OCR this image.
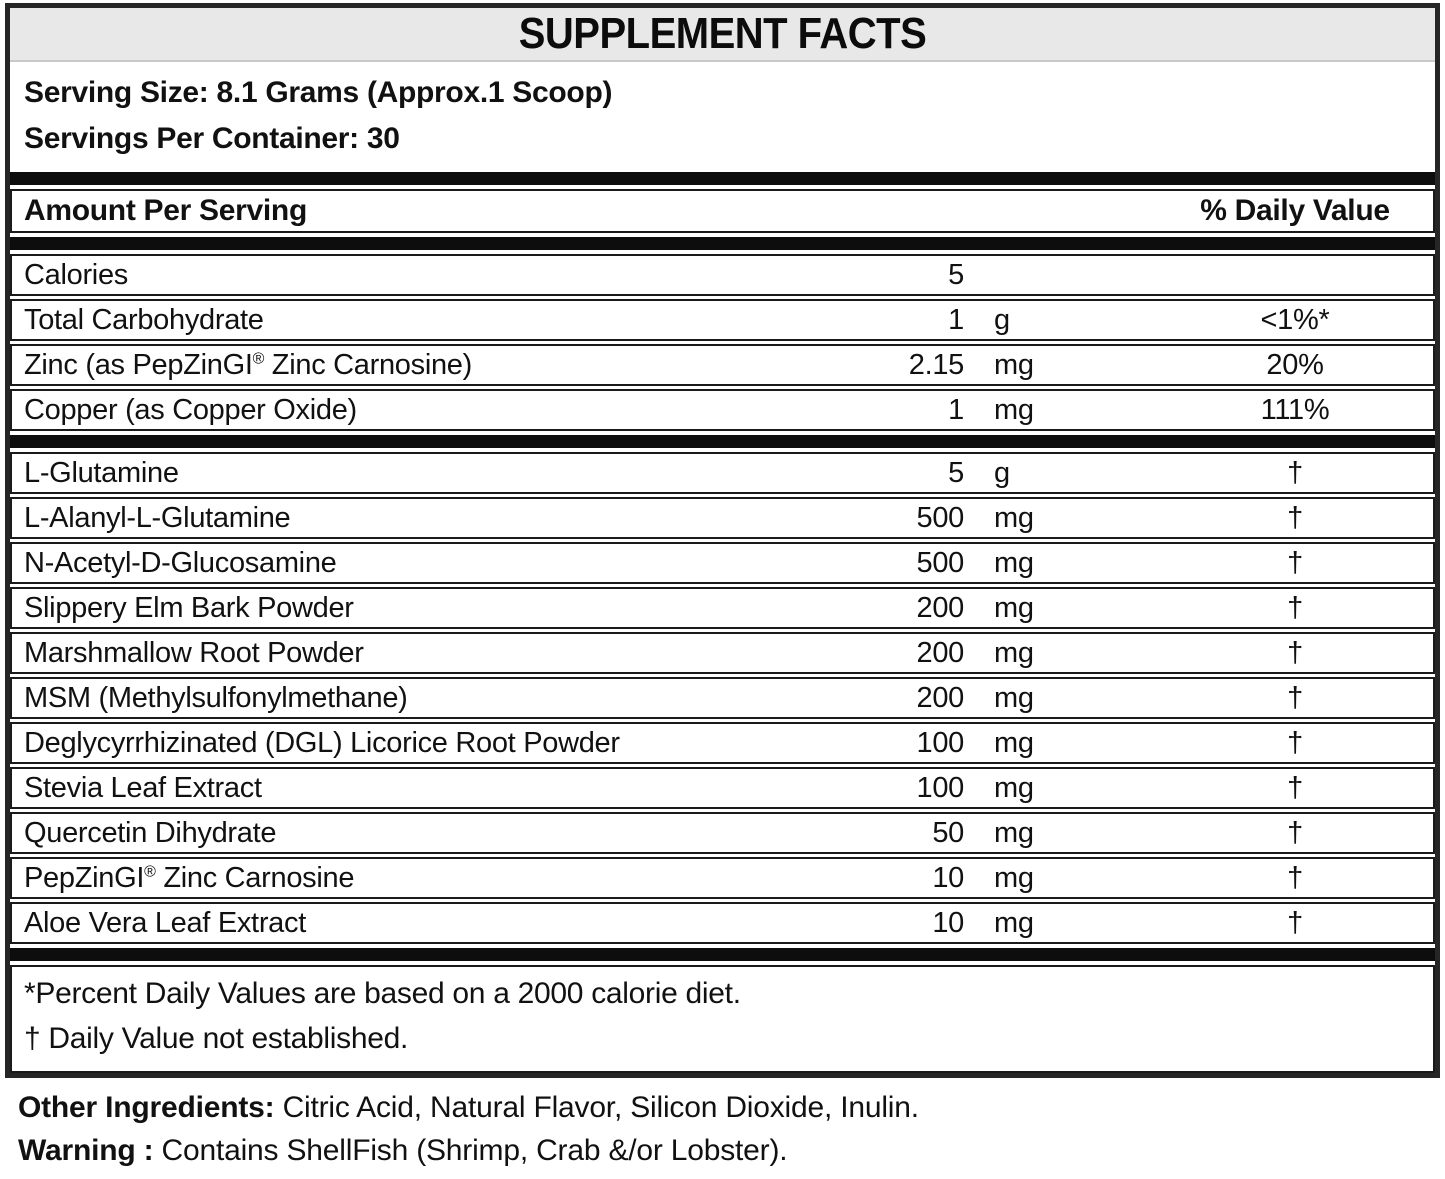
SUPPLEMENT FACTS
Serving Size: 8.1 Grams (Approx.1 Scoop)
Servings Per Container: 30
Amount Per Serving	% Daily Value
Calories	5
Total Carbohydrate	1	g	<1%*
Zinc (as PepZinGI® Zinc Carnosine)	2.15	mg	20%
Copper (as Copper Oxide)	1	mg	111%
L-Glutamine	5	g	†
L-Alanyl-L-Glutamine	500	mg	†
N-Acetyl-D-Glucosamine	500	mg	†
Slippery Elm Bark Powder	200	mg	†
Marshmallow Root Powder	200	mg	†
MSM (Methylsulfonylmethane)	200	mg	†
Deglycyrrhizinated (DGL) Licorice Root Powder	100	mg	†
Stevia Leaf Extract	100	mg	†
Quercetin Dihydrate	50	mg	†
PepZinGI® Zinc Carnosine	10	mg	†
Aloe Vera Leaf Extract	10	mg	†
*Percent Daily Values are based on a 2000 calorie diet.
† Daily Value not established.
Other Ingredients: Citric Acid, Natural Flavor, Silicon Dioxide, Inulin.
Warning : Contains ShellFish (Shrimp, Crab &/or Lobster).
